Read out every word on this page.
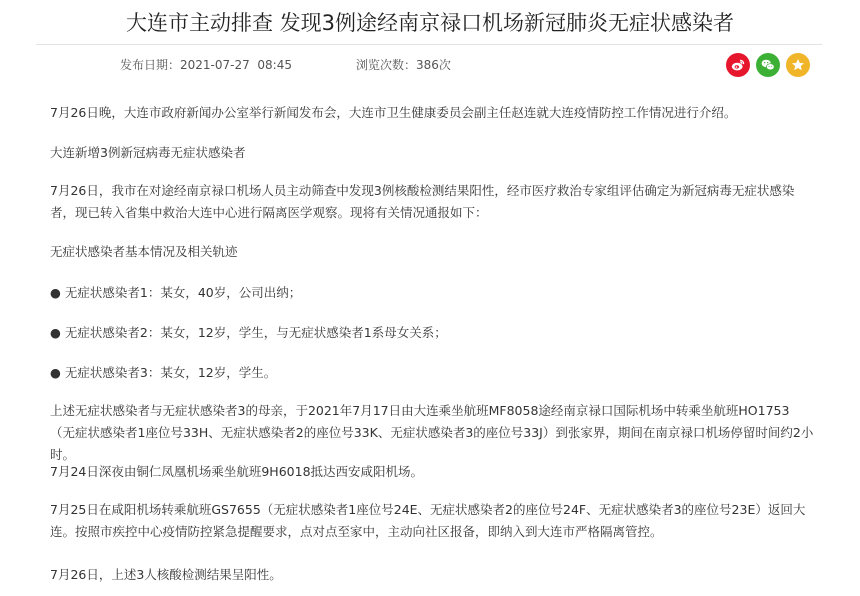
大连市主动排查 发现3例途经南京禄口机场新冠肺炎无症状感染者
发布日期：2021-07-27  08:45	浏览次数：386次

7月26日晚，大连市政府新闻办公室举行新闻发布会，大连市卫生健康委员会副主任赵连就大连疫情防控工作情况进行介绍。

大连新增3例新冠病毒无症状感染者

7月26日，我市在对途经南京禄口机场人员主动筛查中发现3例核酸检测结果阳性，经市医疗救治专家组评估确定为新冠病毒无症状感染者，现已转入省集中救治大连中心进行隔离医学观察。现将有关情况通报如下：

无症状感染者基本情况及相关轨迹

● 无症状感染者1：某女，40岁，公司出纳；

● 无症状感染者2：某女，12岁，学生，与无症状感染者1系母女关系；

● 无症状感染者3：某女，12岁，学生。

上述无症状感染者与无症状感染者3的母亲，于2021年7月17日由大连乘坐航班MF8058途经南京禄口国际机场中转乘坐航班HO1753（无症状感染者1座位号33H、无症状感染者2的座位号33K、无症状感染者3的座位号33J）到张家界，期间在南京禄口机场停留时间约2小时。

7月24日深夜由铜仁凤凰机场乘坐航班9H6018抵达西安咸阳机场。

7月25日在咸阳机场转乘航班GS7655（无症状感染者1座位号24E、无症状感染者2的座位号24F、无症状感染者3的座位号23E）返回大连。按照市疾控中心疫情防控紧急提醒要求，点对点至家中，主动向社区报备，即纳入到大连市严格隔离管控。

7月26日，上述3人核酸检测结果呈阳性。
